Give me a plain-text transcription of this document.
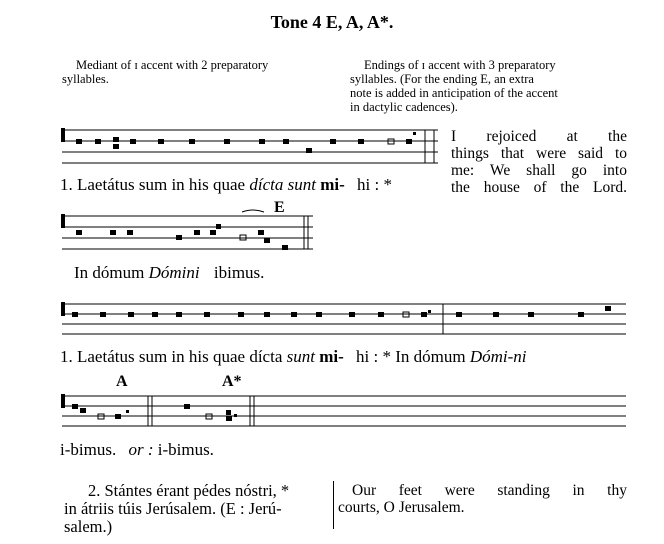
Tone 4 E, A, A*.
Mediant of ɪ accent with 2 preparatory
syllables.
Endings of ɪ accent with 3 preparatory
syllables. (For the ending E, an extra
note is added in anticipation of the accent
in dactylic cadences).
1. Laetátus sum in his quae dícta sunt mi- hi : *
I rejoiced at the
things that were said to
me: We shall go into
the house of the Lord.
E
In dómum Dómini ibimus.
1. Laetátus sum in his quae dícta sunt mi- hi : * In dómum Dómi-ni
A	A*
i-bimus. or : i-bimus.
2. Stántes érant pédes nóstri, *
in átriis túis Jerúsalem. (E : Jerú-
salem.)
Our feet were standing in thy
courts, O Jerusalem.
